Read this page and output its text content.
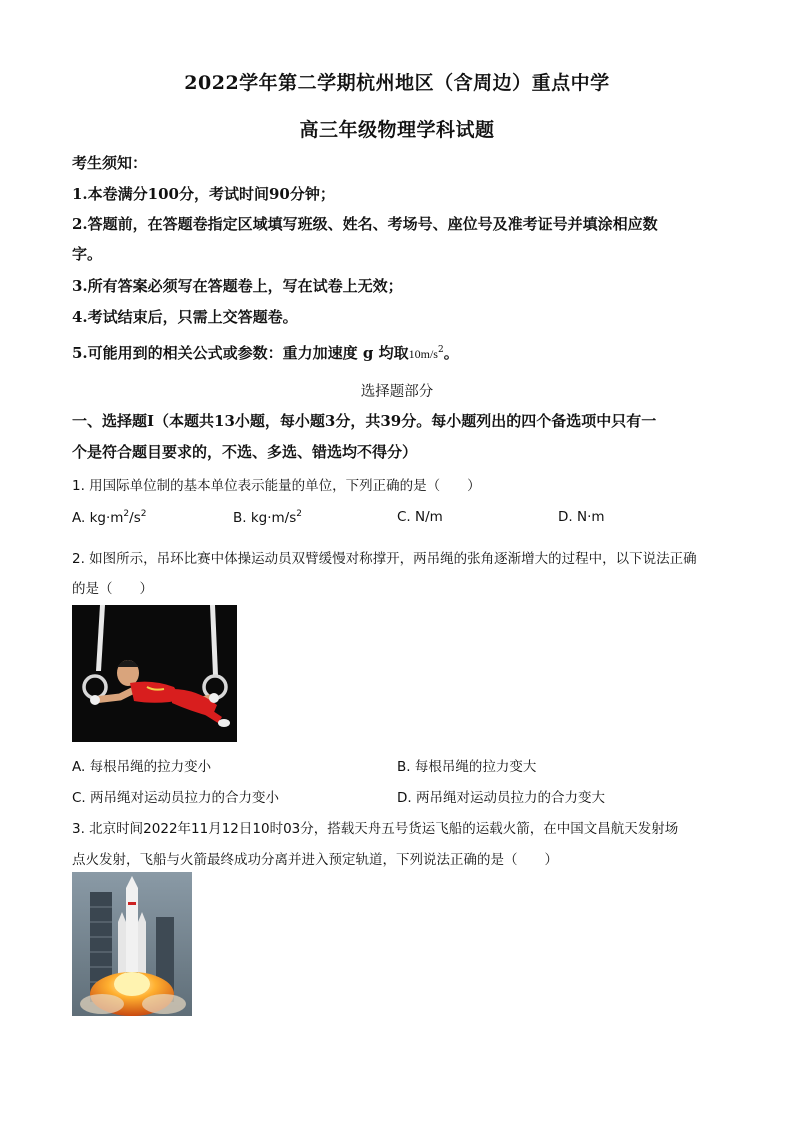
2022学年第二学期杭州地区（含周边）重点中学
高三年级物理学科试题
考生须知：
1.本卷满分100分，考试时间90分钟；
2.答题前，在答题卷指定区域填写班级、姓名、考场号、座位号及准考证号并填涂相应数
字。
3.所有答案必须写在答题卷上，写在试卷上无效；
4.考试结束后，只需上交答题卷。
5.可能用到的相关公式或参数：重力加速度 g 均取$10m/s^2$。
选择题部分
一、选择题Ⅰ（本题共13小题，每小题3分，共39分。每小题列出的四个备选项中只有一
个是符合题目要求的，不选、多选、错选均不得分）
1. 用国际单位制的基本单位表示能量的单位，下列正确的是（　　）
A. $kg\cdot m^2/s^2$	B. $kg\cdot m/s^2$	C. N/m	D. N·m
2. 如图所示，吊环比赛中体操运动员双臂缓慢对称撑开，两吊绳的张角逐渐增大的过程中，以下说法正确
的是（　　）
A. 每根吊绳的拉力变小	B. 每根吊绳的拉力变大
C. 两吊绳对运动员拉力的合力变小	D. 两吊绳对运动员拉力的合力变大
3. 北京时间2022年11月12日10时03分，搭载天舟五号货运飞船的运载火箭，在中国文昌航天发射场
点火发射，飞船与火箭最终成功分离并进入预定轨道，下列说法正确的是（　　）
